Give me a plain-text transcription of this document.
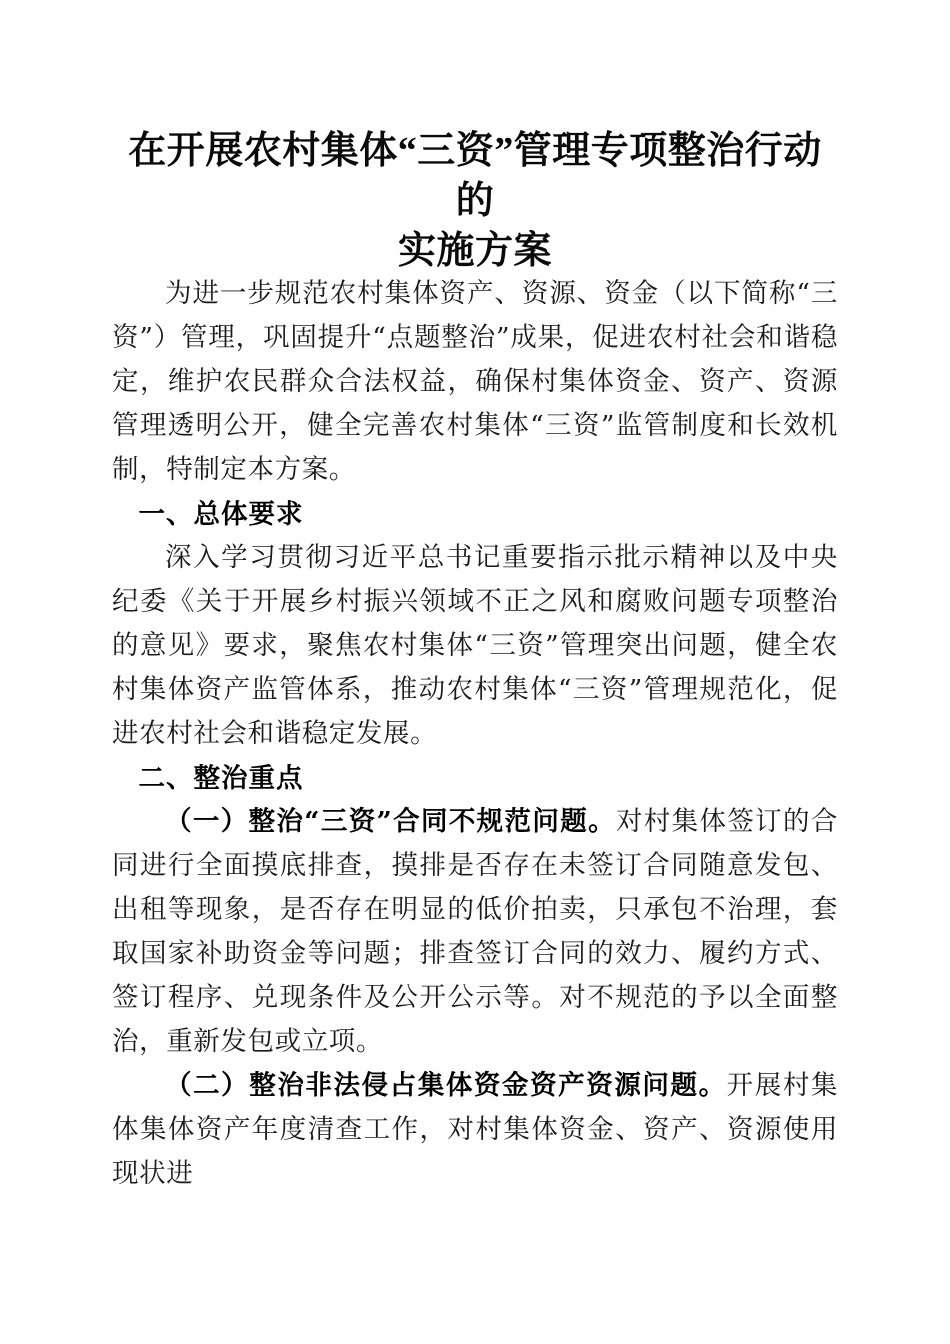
在开展农村集体“三资”管理专项整治行动的
实施方案

为进一步规范农村集体资产、资源、资金（以下简称“三资”）管理，巩固提升“点题整治”成果，促进农村社会和谐稳定，维护农民群众合法权益，确保村集体资金、资产、资源管理透明公开，健全完善农村集体“三资”监管制度和长效机制，特制定本方案。

一、总体要求

深入学习贯彻习近平总书记重要指示批示精神以及中央纪委《关于开展乡村振兴领域不正之风和腐败问题专项整治的意见》要求，聚焦农村集体“三资”管理突出问题，健全农村集体资产监管体系，推动农村集体“三资”管理规范化，促进农村社会和谐稳定发展。

二、整治重点

（一）整治“三资”合同不规范问题。对村集体签订的合同进行全面摸底排查，摸排是否存在未签订合同随意发包、出租等现象，是否存在明显的低价拍卖，只承包不治理，套取国家补助资金等问题；排查签订合同的效力、履约方式、签订程序、兑现条件及公开公示等。对不规范的予以全面整治，重新发包或立项。

（二）整治非法侵占集体资金资产资源问题。开展村集体集体资产年度清查工作，对村集体资金、资产、资源使用现状进
